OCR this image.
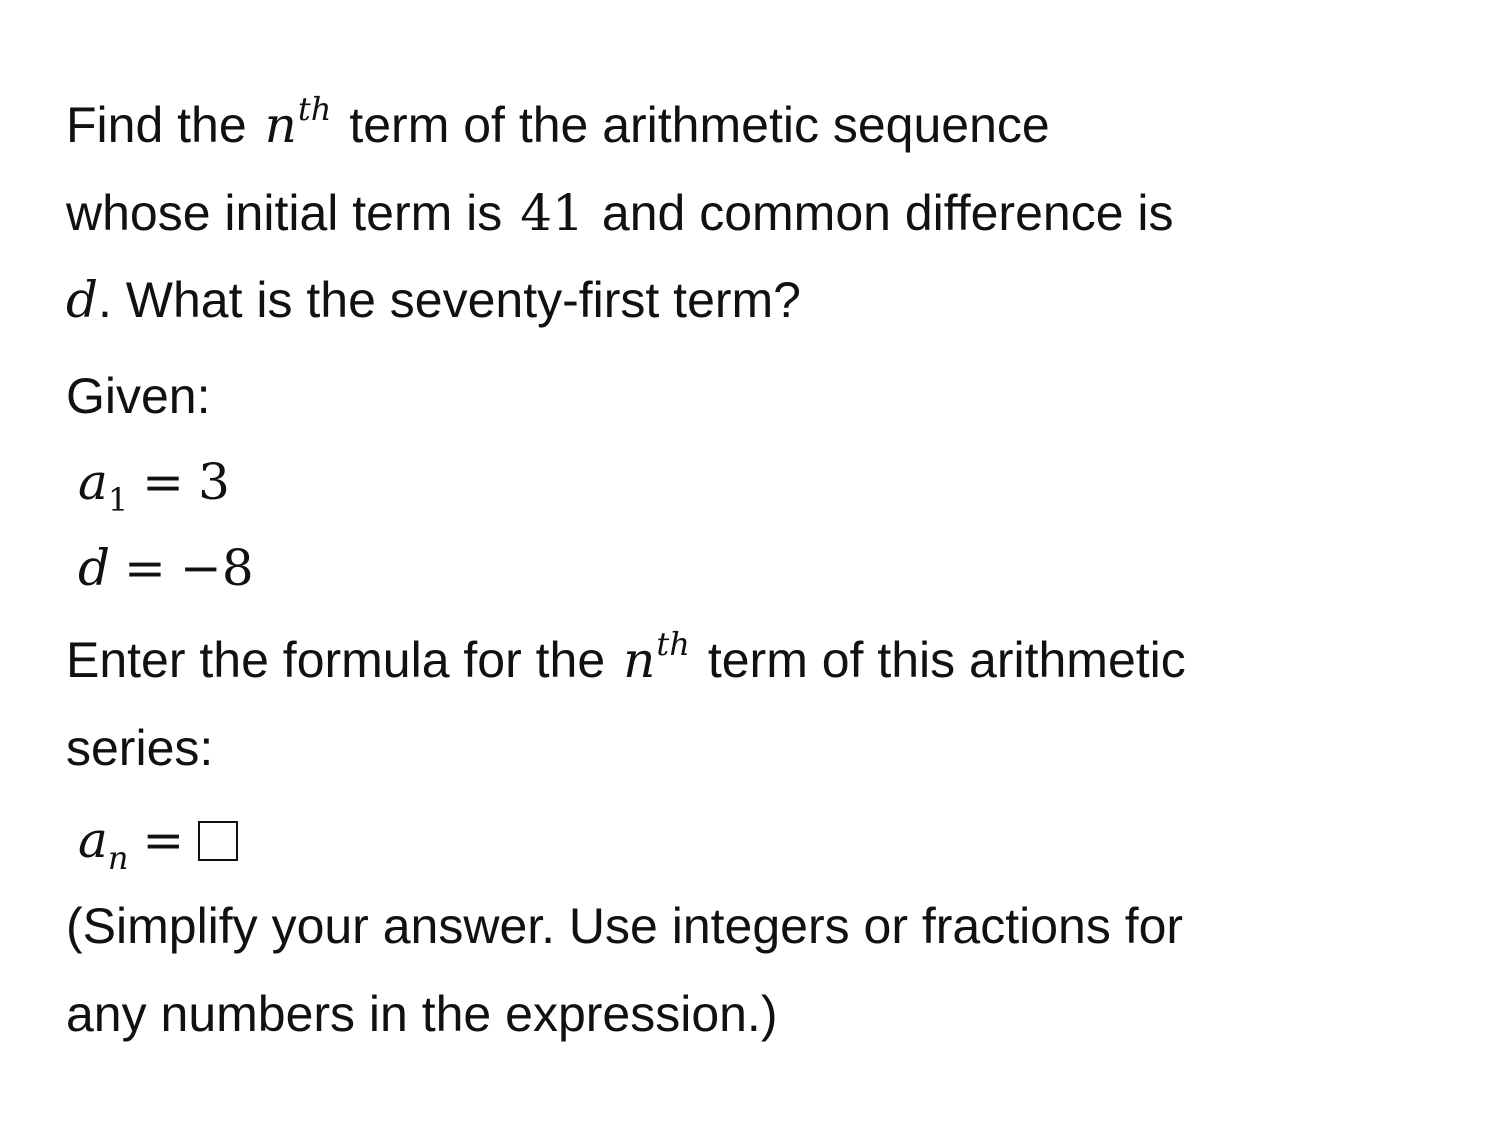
Find the $n^{th}$ term of the arithmetic sequence
whose initial term is 41 and common difference is
d. What is the seventy-first term?
Given:
$a_1 = 3$
d = −8
Enter the formula for the $n^{th}$ term of this arithmetic
series:
$a_n$ =
(Simplify your answer. Use integers or fractions for
any numbers in the expression.)
